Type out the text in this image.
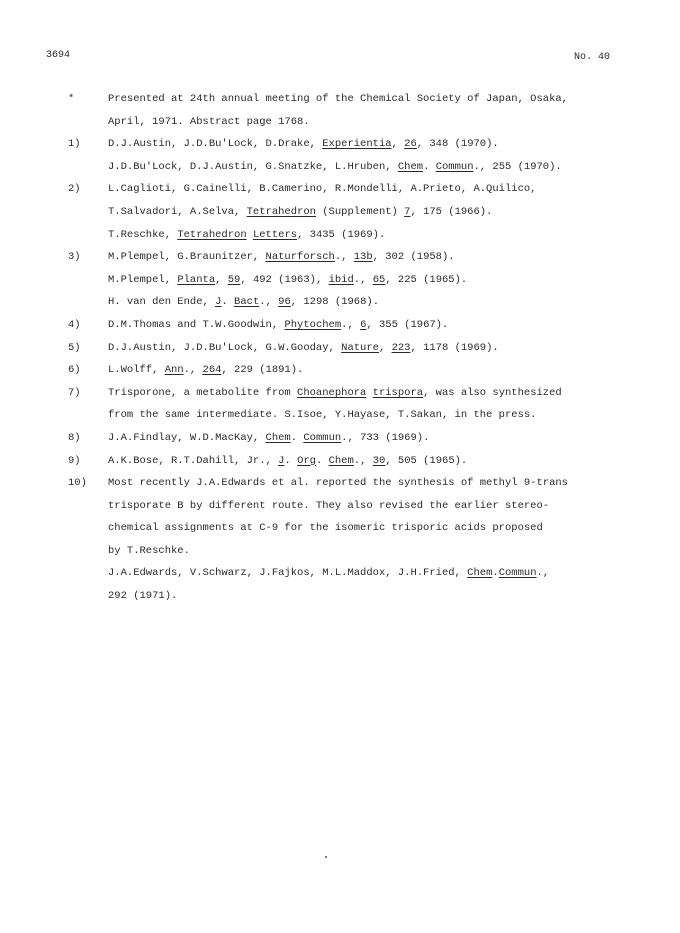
3694	No. 40
*	Presented at 24th annual meeting of the Chemical Society of Japan, Osaka,
April, 1971. Abstract page 1768.
1)	D.J.Austin, J.D.Bu'Lock, D.Drake, Experientia, 26, 348 (1970).
J.D.Bu'Lock, D.J.Austin, G.Snatzke, L.Hruben, Chem. Commun., 255 (1970).
2)	L.Caglioti, G.Cainelli, B.Camerino, R.Mondelli, A.Prieto, A.Quilico,
T.Salvadori, A.Selva, Tetrahedron (Supplement) 7, 175 (1966).
T.Reschke, Tetrahedron Letters, 3435 (1969).
3)	M.Plempel, G.Braunitzer, Naturforsch., 13b, 302 (1958).
M.Plempel, Planta, 59, 492 (1963), ibid., 65, 225 (1965).
H. van den Ende, J. Bact., 96, 1298 (1968).
4)	D.M.Thomas and T.W.Goodwin, Phytochem., 6, 355 (1967).
5)	D.J.Austin, J.D.Bu'Lock, G.W.Gooday, Nature, 223, 1178 (1969).
6)	L.Wolff, Ann., 264, 229 (1891).
7)	Trisporone, a metabolite from Choanephora trispora, was also synthesized
from the same intermediate. S.Isoe, Y.Hayase, T.Sakan, in the press.
8)	J.A.Findlay, W.D.MacKay, Chem. Commun., 733 (1969).
9)	A.K.Bose, R.T.Dahill, Jr., J. Org. Chem., 30, 505 (1965).
10) Most recently J.A.Edwards et al. reported the synthesis of methyl 9-trans
trisporate B by different route. They also revised the earlier stereo-
chemical assignments at C-9 for the isomeric trisporic acids proposed
by T.Reschke.
J.A.Edwards, V.Schwarz, J.Fajkos, M.L.Maddox, J.H.Fried, Chem.Commun.,
292 (1971).
